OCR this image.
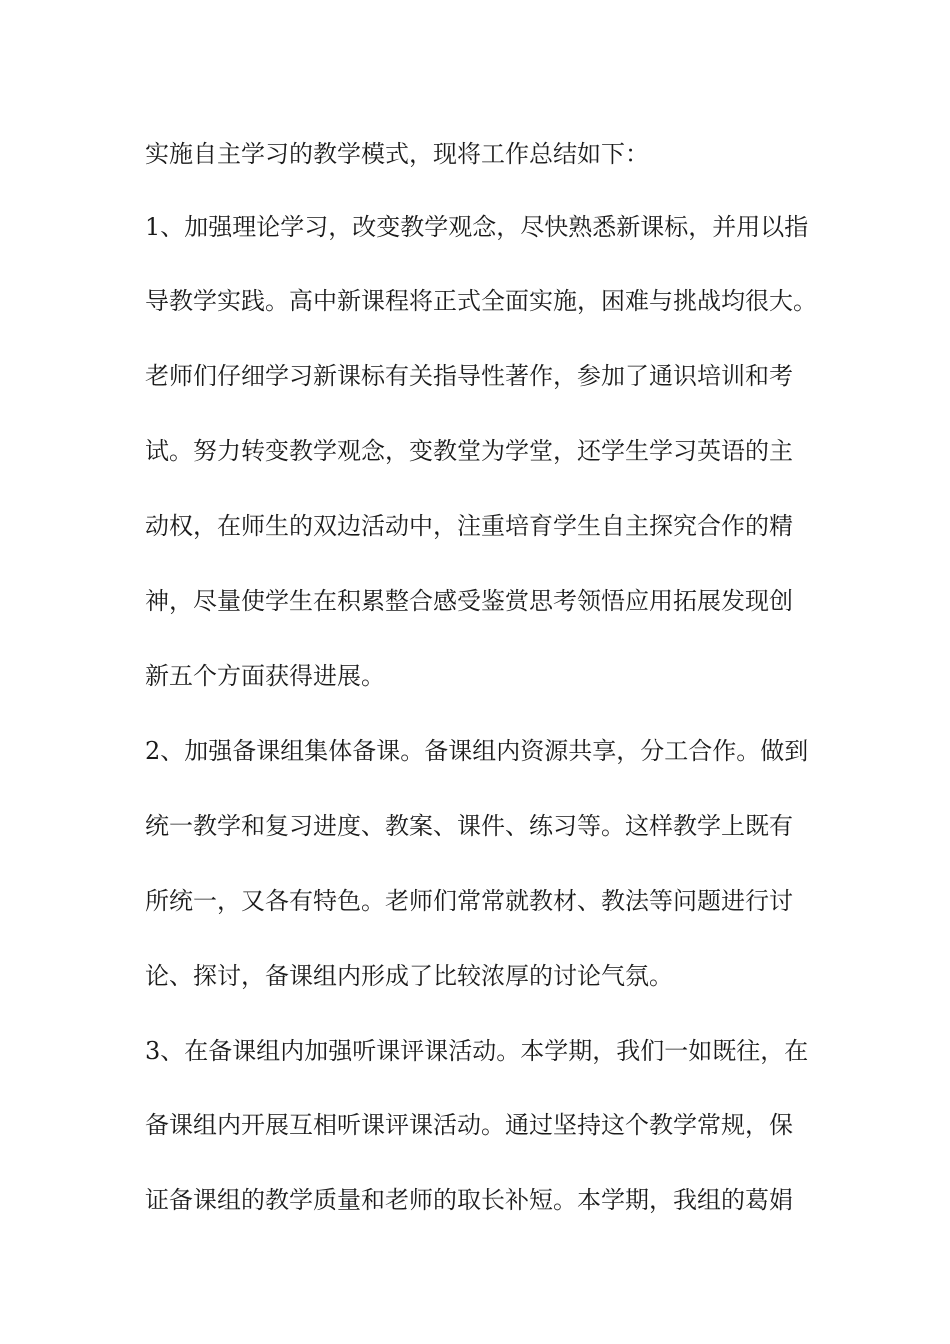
实施自主学习的教学模式，现将工作总结如下：
1、加强理论学习，改变教学观念，尽快熟悉新课标，并用以指
导教学实践。高中新课程将正式全面实施，困难与挑战均很大。
老师们仔细学习新课标有关指导性著作，参加了通识培训和考
试。努力转变教学观念，变教堂为学堂，还学生学习英语的主
动权，在师生的双边活动中，注重培育学生自主探究合作的精
神，尽量使学生在积累整合感受鉴赏思考领悟应用拓展发现创
新五个方面获得进展。
2、加强备课组集体备课。备课组内资源共享，分工合作。做到
统一教学和复习进度、教案、课件、练习等。这样教学上既有
所统一，又各有特色。老师们常常就教材、教法等问题进行讨
论、探讨，备课组内形成了比较浓厚的讨论气氛。
3、在备课组内加强听课评课活动。本学期，我们一如既往，在
备课组内开展互相听课评课活动。通过坚持这个教学常规，保
证备课组的教学质量和老师的取长补短。本学期，我组的葛娟
